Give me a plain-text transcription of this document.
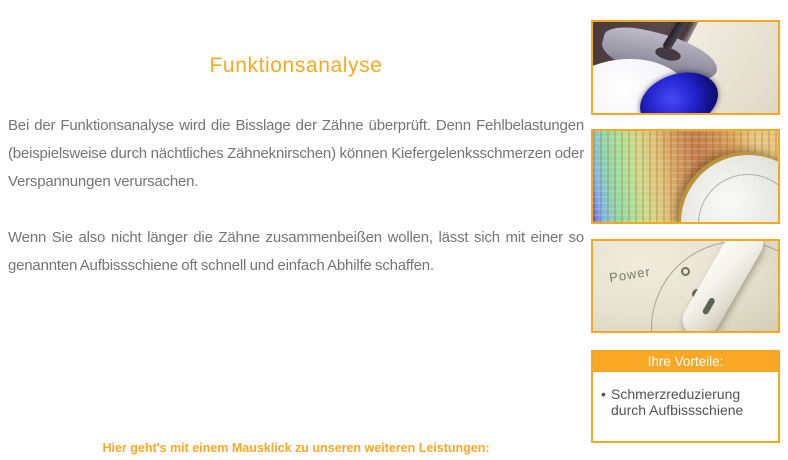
Funktionsanalyse

Bei der Funktionsanalyse wird die Bisslage der Zähne überprüft. Denn Fehlbelastungen (beispielsweise durch nächtliches Zähneknirschen) können Kiefergelenksschmerzen oder Verspannungen verursachen.

Wenn Sie also nicht länger die Zähne zusammenbeißen wollen, lässt sich mit einer so genannten Aufbissschiene oft schnell und einfach Abhilfe schaffen.

Hier geht's mit einem Mausklick zu unseren weiteren Leistungen:
Power
Ihre Vorteile:
• Schmerzreduzierung durch Aufbissschiene
